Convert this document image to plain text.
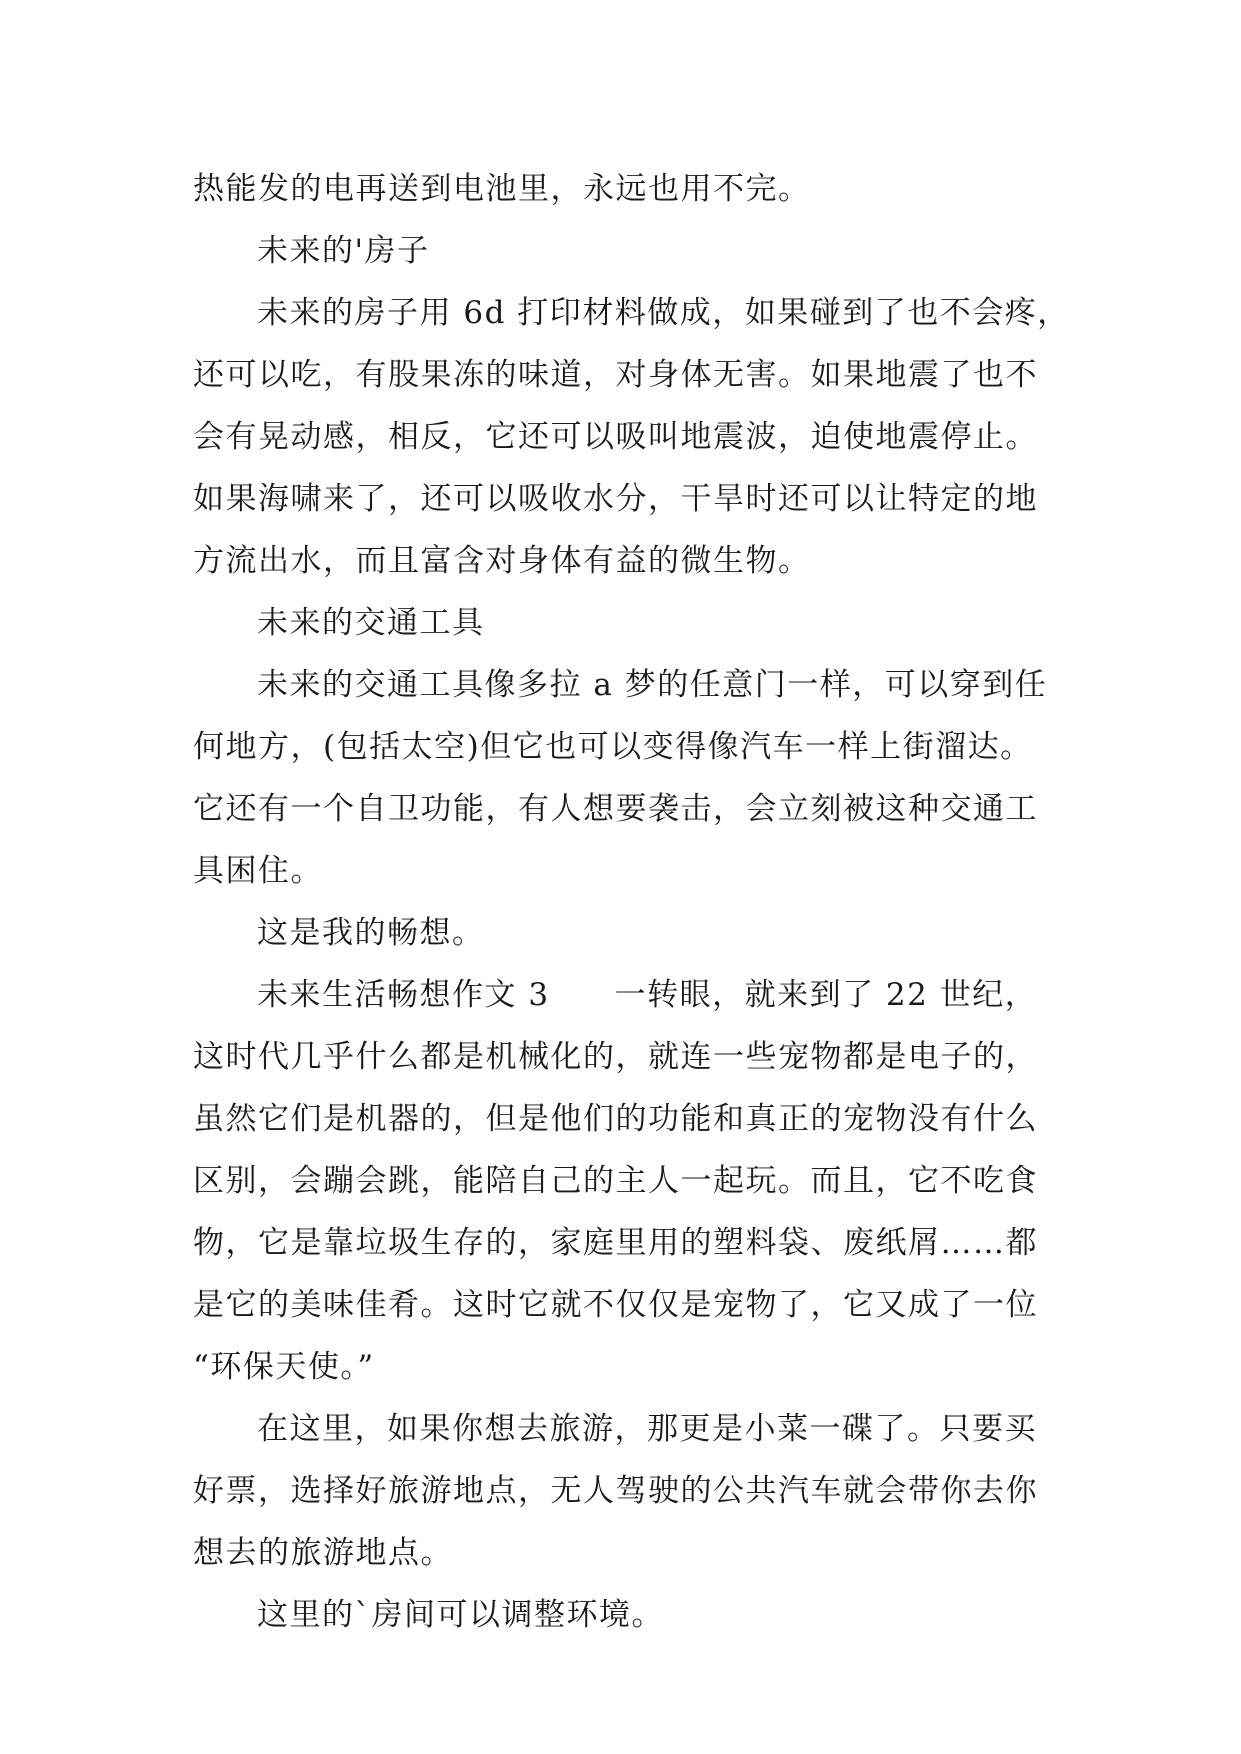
热能发的电再送到电池里，永远也用不完。
未来的'房子
未来的房子用 6d 打印材料做成，如果碰到了也不会疼，
还可以吃，有股果冻的味道，对身体无害。如果地震了也不
会有晃动感，相反，它还可以吸叫地震波，迫使地震停止。
如果海啸来了，还可以吸收水分，干旱时还可以让特定的地
方流出水，而且富含对身体有益的微生物。
未来的交通工具
未来的交通工具像多拉 a 梦的任意门一样，可以穿到任
何地方，(包括太空)但它也可以变得像汽车一样上街溜达。
它还有一个自卫功能，有人想要袭击，会立刻被这种交通工
具困住。
这是我的畅想。
未来生活畅想作文 3　　一转眼，就来到了 22 世纪，
这时代几乎什么都是机械化的，就连一些宠物都是电子的，
虽然它们是机器的，但是他们的功能和真正的宠物没有什么
区别，会蹦会跳，能陪自己的主人一起玩。而且，它不吃食
物，它是靠垃圾生存的，家庭里用的塑料袋、废纸屑……都
是它的美味佳肴。这时它就不仅仅是宠物了，它又成了一位
“环保天使。”
在这里，如果你想去旅游，那更是小菜一碟了。只要买
好票，选择好旅游地点，无人驾驶的公共汽车就会带你去你
想去的旅游地点。
这里的`房间可以调整环境。
